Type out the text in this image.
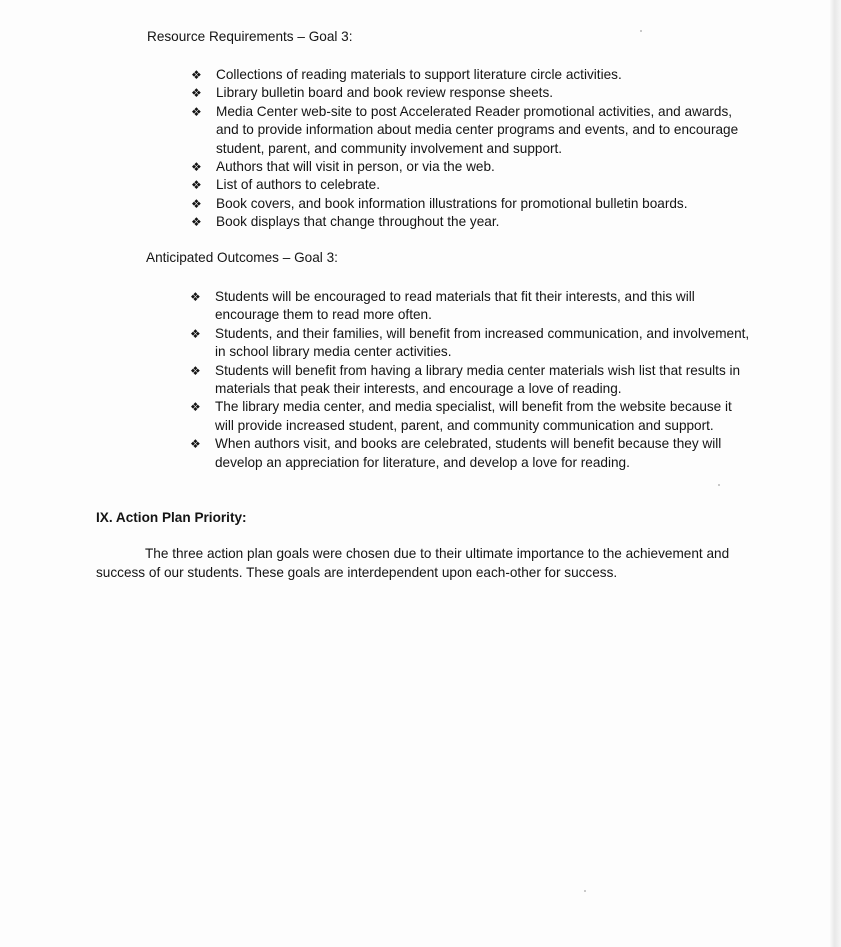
Resource Requirements – Goal 3:
❖ Collections of reading materials to support literature circle activities.
❖ Library bulletin board and book review response sheets.
❖ Media Center web-site to post Accelerated Reader promotional activities, and awards, and to provide information about media center programs and events, and to encourage student, parent, and community involvement and support.
❖ Authors that will visit in person, or via the web.
❖ List of authors to celebrate.
❖ Book covers, and book information illustrations for promotional bulletin boards.
❖ Book displays that change throughout the year.
Anticipated Outcomes – Goal 3:
❖ Students will be encouraged to read materials that fit their interests, and this will encourage them to read more often.
❖ Students, and their families, will benefit from increased communication, and involvement, in school library media center activities.
❖ Students will benefit from having a library media center materials wish list that results in materials that peak their interests, and encourage a love of reading.
❖ The library media center, and media specialist, will benefit from the website because it will provide increased student, parent, and community communication and support.
❖ When authors visit, and books are celebrated, students will benefit because they will develop an appreciation for literature, and develop a love for reading.
IX. Action Plan Priority:

The three action plan goals were chosen due to their ultimate importance to the achievement and success of our students. These goals are interdependent upon each-other for success.
